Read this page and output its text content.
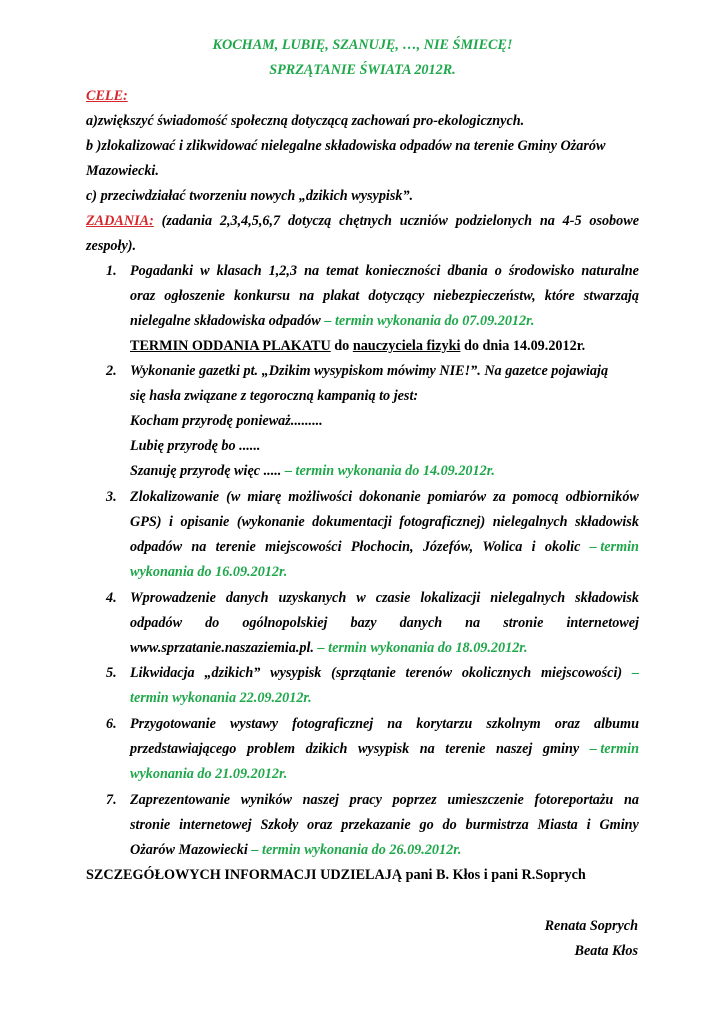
KOCHAM, LUBIĘ, SZANUJĘ, …, NIE ŚMIECĘ!
SPRZĄTANIE ŚWIATA 2012R.
CELE:
a)zwiększyć świadomość społeczną dotyczącą zachowań pro-ekologicznych.
b )zlokalizować i zlikwidować nielegalne składowiska odpadów na terenie Gminy Ożarów
Mazowiecki.
c) przeciwdziałać tworzeniu nowych „dzikich wysypisk”.
ZADANIA: (zadania 2,3,4,5,6,7 dotyczą chętnych uczniów podzielonych na 4-5 osobowe
zespoły).
1. Pogadanki w klasach 1,2,3 na temat konieczności dbania o środowisko naturalne
oraz ogłoszenie konkursu na plakat dotyczący niebezpieczeństw, które stwarzają
nielegalne składowiska odpadów – termin wykonania do 07.09.2012r.
TERMIN ODDANIA PLAKATU do nauczyciela fizyki do dnia 14.09.2012r.
2. Wykonanie gazetki pt. „Dzikim wysypiskom mówimy NIE!”. Na gazetce pojawiają
się hasła związane z tegoroczną kampanią to jest:
Kocham przyrodę ponieważ.........
Lubię przyrodę bo ......
Szanuję przyrodę więc ..... – termin wykonania do 14.09.2012r.
3. Zlokalizowanie (w miarę możliwości dokonanie pomiarów za pomocą odbiorników
GPS) i opisanie (wykonanie dokumentacji fotograficznej) nielegalnych składowisk
odpadów na terenie miejscowości Płochocin, Józefów, Wolica i okolic – termin
wykonania do 16.09.2012r.
4. Wprowadzenie danych uzyskanych w czasie lokalizacji nielegalnych składowisk
odpadów do ogólnopolskiej bazy danych na stronie internetowej
www.sprzatanie.naszaziemia.pl. – termin wykonania do 18.09.2012r.
5. Likwidacja „dzikich” wysypisk (sprzątanie terenów okolicznych miejscowości) –
termin wykonania 22.09.2012r.
6. Przygotowanie wystawy fotograficznej na korytarzu szkolnym oraz albumu
przedstawiającego problem dzikich wysypisk na terenie naszej gminy – termin
wykonania do 21.09.2012r.
7. Zaprezentowanie wyników naszej pracy poprzez umieszczenie fotoreportażu na
stronie internetowej Szkoły oraz przekazanie go do burmistrza Miasta i Gminy
Ożarów Mazowiecki – termin wykonania do 26.09.2012r.
SZCZEGÓŁOWYCH INFORMACJI UDZIELAJĄ pani B. Kłos i pani R.Soprych
Renata Soprych
Beata Kłos
